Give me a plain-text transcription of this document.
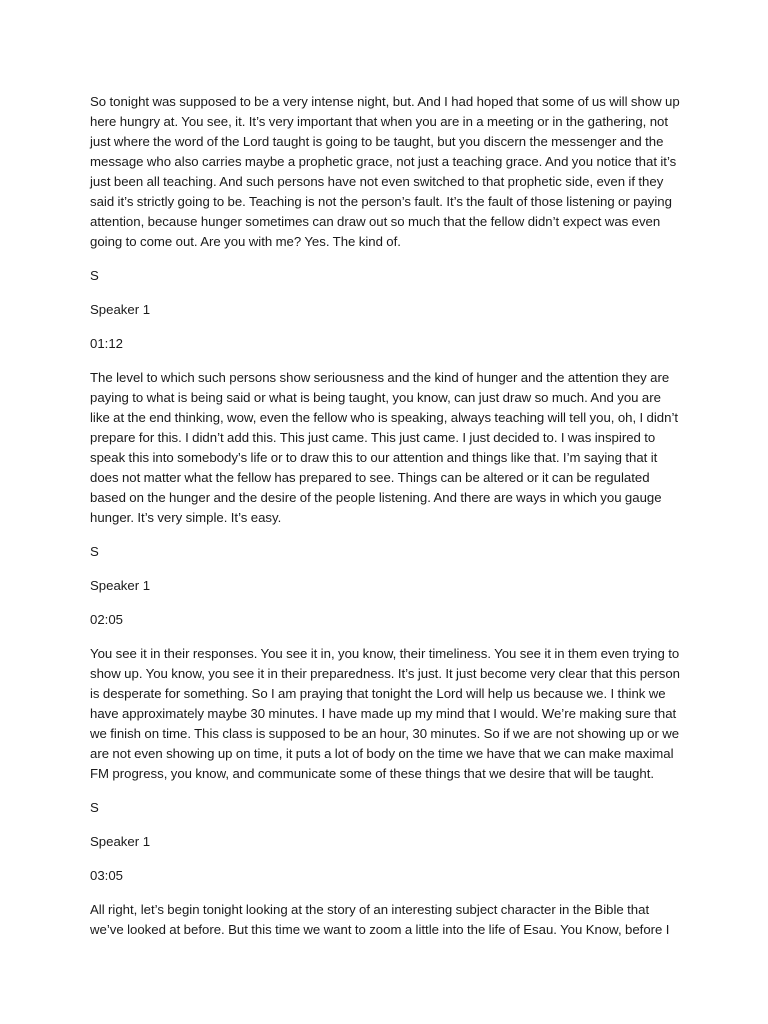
So tonight was supposed to be a very intense night, but. And I had hoped that some of us will show up here hungry at. You see, it. It’s very important that when you are in a meeting or in the gathering, not just where the word of the Lord taught is going to be taught, but you discern the messenger and the message who also carries maybe a prophetic grace, not just a teaching grace. And you notice that it’s just been all teaching. And such persons have not even switched to that prophetic side, even if they said it’s strictly going to be. Teaching is not the person’s fault. It’s the fault of those listening or paying attention, because hunger sometimes can draw out so much that the fellow didn’t expect was even going to come out. Are you with me? Yes. The kind of.

S

Speaker 1

01:12

The level to which such persons show seriousness and the kind of hunger and the attention they are paying to what is being said or what is being taught, you know, can just draw so much. And you are like at the end thinking, wow, even the fellow who is speaking, always teaching will tell you, oh, I didn’t prepare for this. I didn’t add this. This just came. This just came. I just decided to. I was inspired to speak this into somebody’s life or to draw this to our attention and things like that. I’m saying that it does not matter what the fellow has prepared to see. Things can be altered or it can be regulated based on the hunger and the desire of the people listening. And there are ways in which you gauge hunger. It’s very simple. It’s easy.

S

Speaker 1

02:05

You see it in their responses. You see it in, you know, their timeliness. You see it in them even trying to show up. You know, you see it in their preparedness. It’s just. It just become very clear that this person is desperate for something. So I am praying that tonight the Lord will help us because we. I think we have approximately maybe 30 minutes. I have made up my mind that I would. We’re making sure that we finish on time. This class is supposed to be an hour, 30 minutes. So if we are not showing up or we are not even showing up on time, it puts a lot of body on the time we have that we can make maximal FM progress, you know, and communicate some of these things that we desire that will be taught.

S

Speaker 1

03:05

All right, let’s begin tonight looking at the story of an interesting subject character in the Bible that we’ve looked at before. But this time we want to zoom a little into the life of Esau. You Know, before I
